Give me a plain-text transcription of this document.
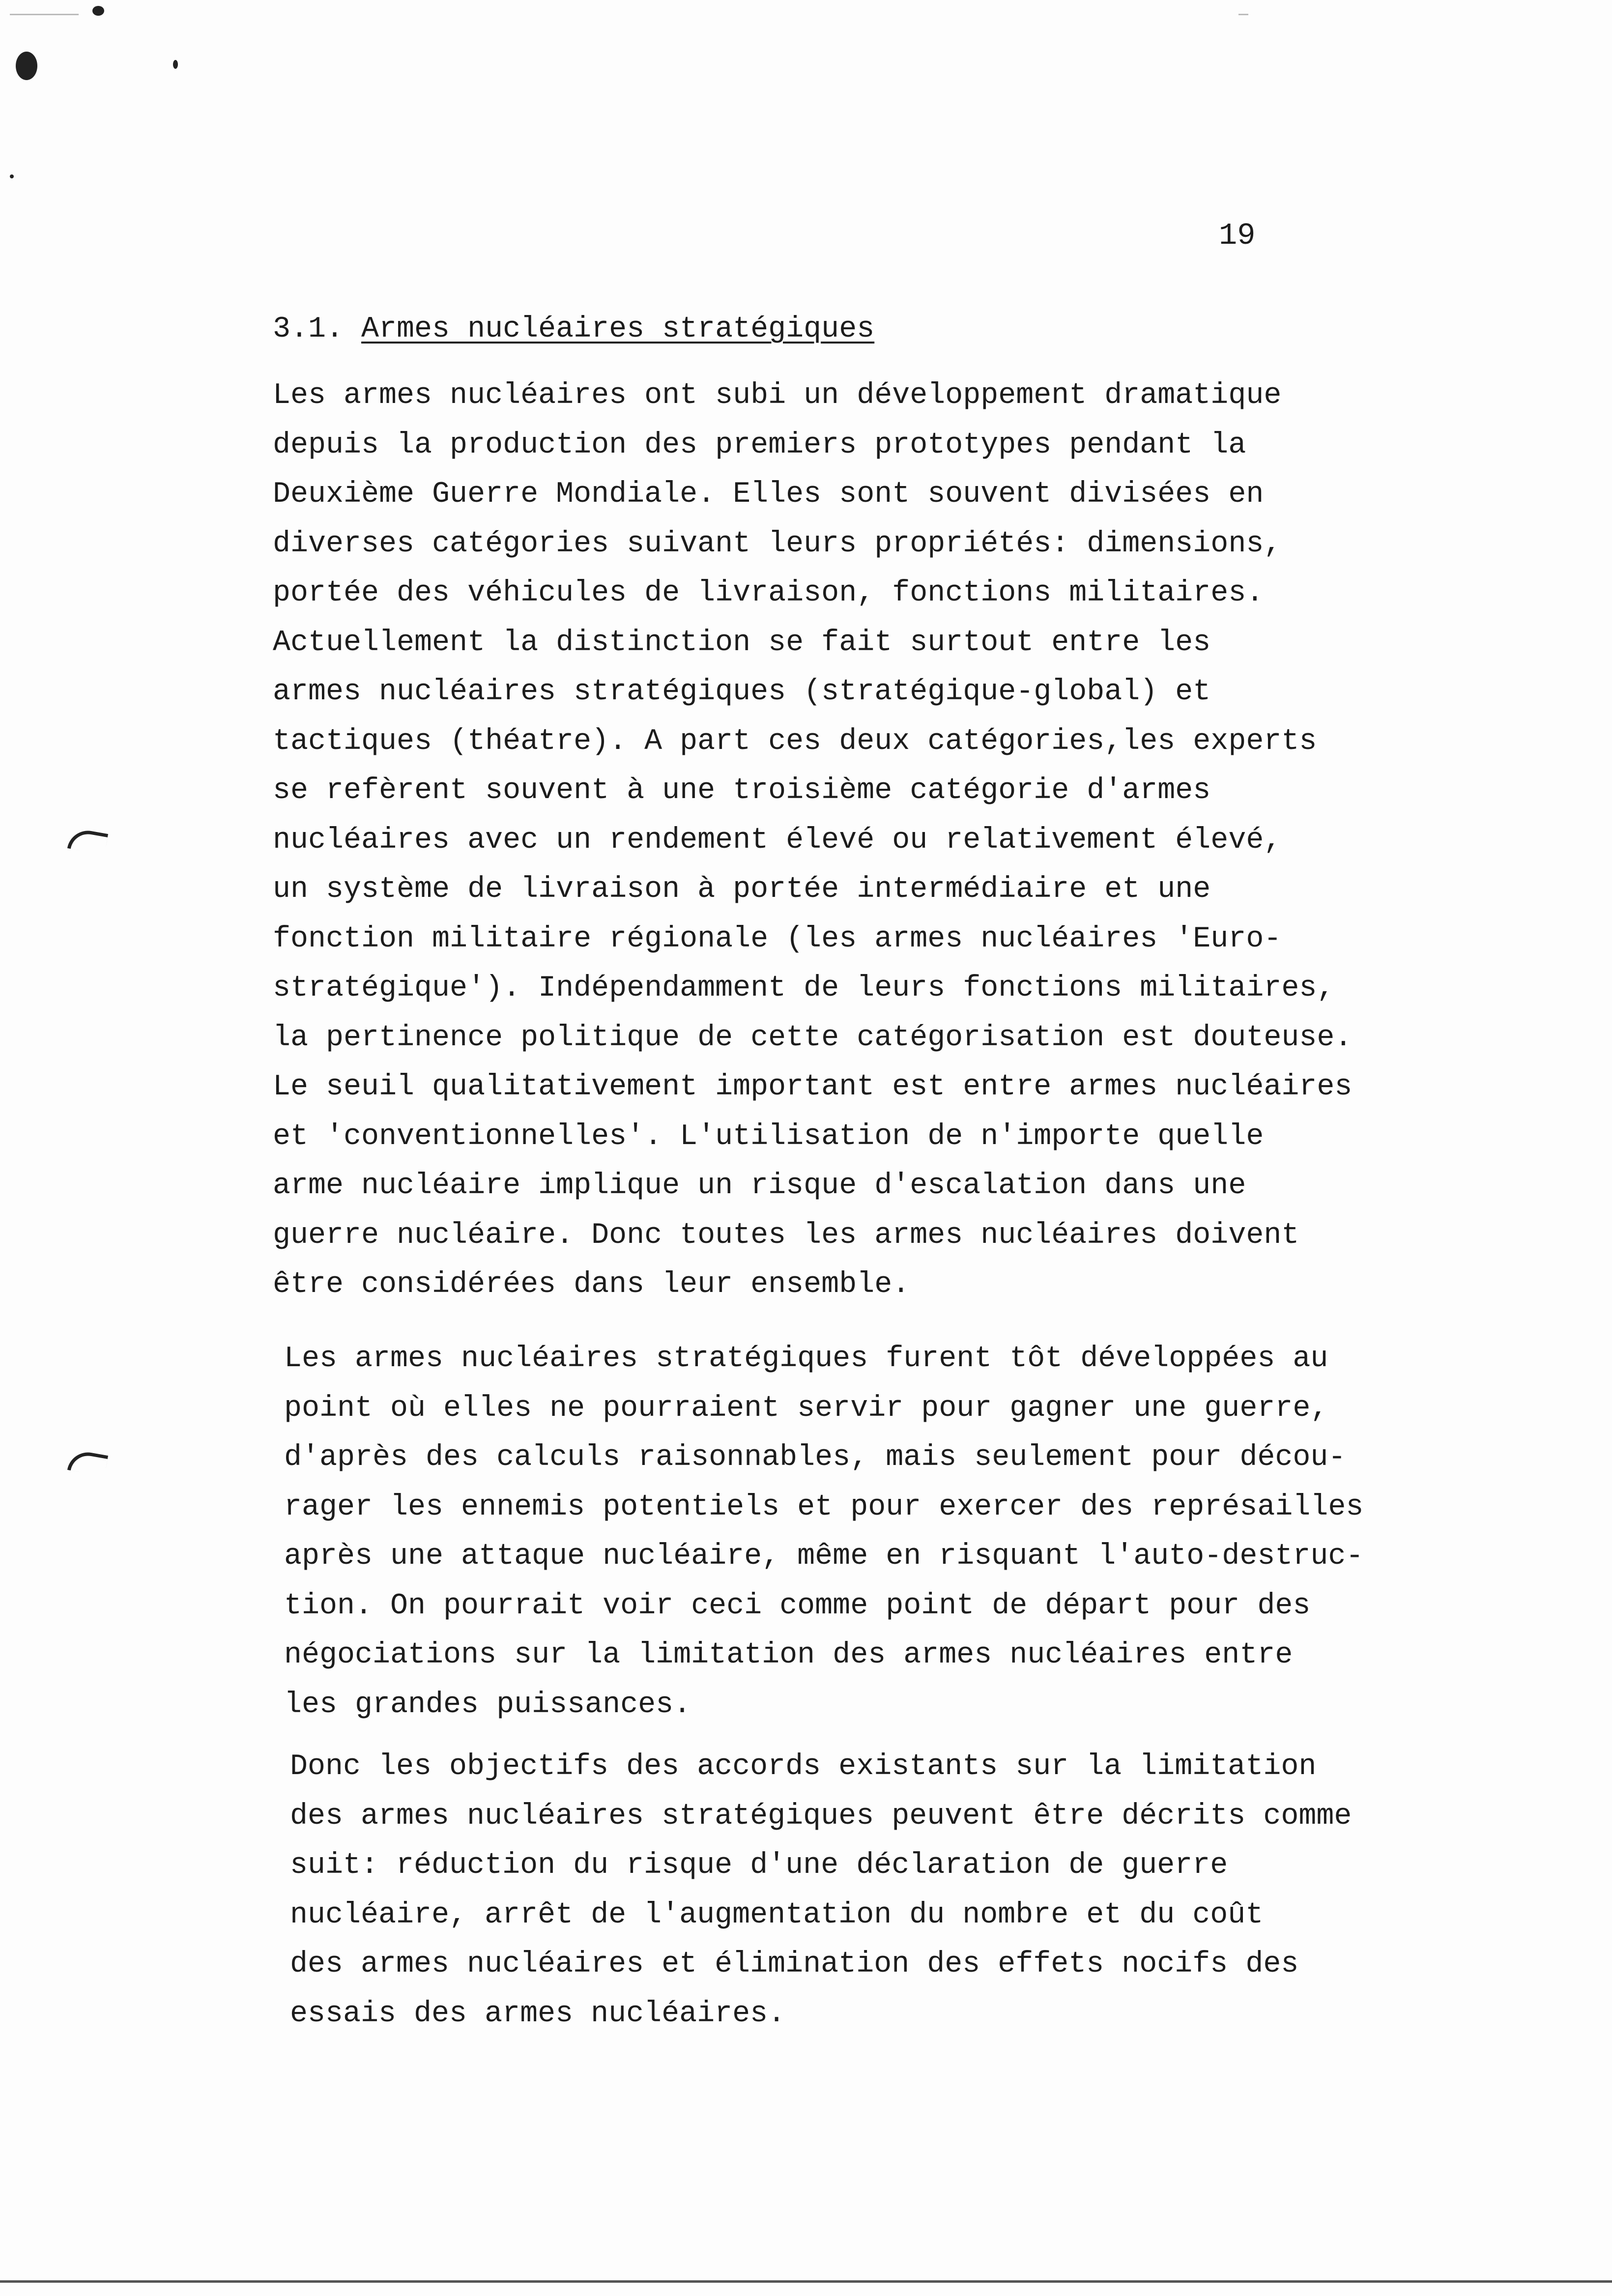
19
3.1. Armes nucléaires stratégiques

Les armes nucléaires ont subi un développement dramatique
depuis la production des premiers prototypes pendant la
Deuxième Guerre Mondiale. Elles sont souvent divisées en
diverses catégories suivant leurs propriétés: dimensions,
portée des véhicules de livraison, fonctions militaires.
Actuellement la distinction se fait surtout entre les
armes nucléaires stratégiques (stratégique-global) et
tactiques (théatre). A part ces deux catégories,les experts
se refèrent souvent à une troisième catégorie d'armes
nucléaires avec un rendement élevé ou relativement élevé,
un système de livraison à portée intermédiaire et une
fonction militaire régionale (les armes nucléaires 'Euro-
stratégique'). Indépendamment de leurs fonctions militaires,
la pertinence politique de cette catégorisation est douteuse.
Le seuil qualitativement important est entre armes nucléaires
et 'conventionnelles'. L'utilisation de n'importe quelle
arme nucléaire implique un risque d'escalation dans une
guerre nucléaire. Donc toutes les armes nucléaires doivent
être considérées dans leur ensemble.

Les armes nucléaires stratégiques furent tôt développées au
point où elles ne pourraient servir pour gagner une guerre,
d'après des calculs raisonnables, mais seulement pour décou-
rager les ennemis potentiels et pour exercer des représailles
après une attaque nucléaire, même en risquant l'auto-destruc-
tion. On pourrait voir ceci comme point de départ pour des
négociations sur la limitation des armes nucléaires entre
les grandes puissances.

Donc les objectifs des accords existants sur la limitation
des armes nucléaires stratégiques peuvent être décrits comme
suit: réduction du risque d'une déclaration de guerre
nucléaire, arrêt de l'augmentation du nombre et du coût
des armes nucléaires et élimination des effets nocifs des
essais des armes nucléaires.
